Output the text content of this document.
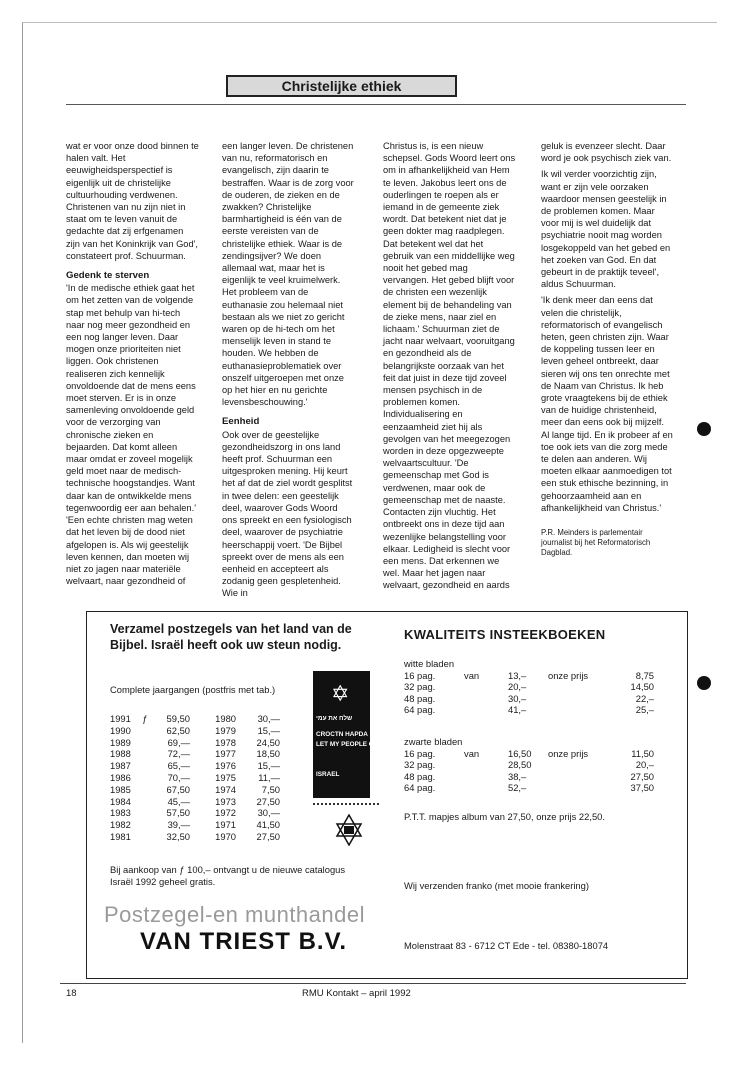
Christelijke ethiek

wat er voor onze dood binnen te halen valt. Het eeuwigheidsperspectief is eigenlijk uit de christelijke cultuurhouding verdwenen. Christenen van nu zijn niet in staat om te leven vanuit de gedachte dat zij erfgenamen zijn van het Koninkrijk van God', constateert prof. Schuurman.

Gedenk te sterven

'In de medische ethiek gaat het om het zetten van de volgende stap met behulp van hi-tech naar nog meer gezondheid en een nog langer leven. Daar mogen onze prioriteiten niet liggen. Ook christenen realiseren zich kennelijk onvoldoende dat de mens eens moet sterven. Er is in onze samenleving onvoldoende geld voor de verzorging van chronische zieken en bejaarden. Dat komt alleen maar omdat er zoveel mogelijk geld moet naar de medisch-technische hoogstandjes. Want daar kan de ontwikkelde mens tegenwoordig eer aan behalen.' 'Een echte christen mag weten dat het leven bij de dood niet afgelopen is. Als wij geestelijk leven kennen, dan moeten wij niet zo jagen naar materiële welvaart, naar gezondheid of

een langer leven. De christenen van nu, reformatorisch en evangelisch, zijn daarin te bestraffen. Waar is de zorg voor de ouderen, de zieken en de zwakken? Christelijke barmhartigheid is één van de eerste vereisten van de christelijke ethiek. Waar is de zendingsijver? We doen allemaal wat, maar het is eigenlijk te veel kruimelwerk. Het probleem van de euthanasie zou helemaal niet bestaan als we niet zo gericht waren op de hi-tech om het menselijk leven in stand te houden. We hebben de euthanasieproblematiek over onszelf uitgeroepen met onze op het hier en nu gerichte levensbeschouwing.'

Eenheid

Ook over de geestelijke gezondheidszorg in ons land heeft prof. Schuurman een uitgesproken mening. Hij keurt het af dat de ziel wordt gesplitst in twee delen: een geestelijk deel, waarover Gods Woord ons spreekt en een fysiologisch deel, waarover de psychiatrie heerschappij voert. 'De Bijbel spreekt over de mens als een eenheid en accepteert als zodanig geen gespletenheid. Wie in

Christus is, is een nieuw schepsel. Gods Woord leert ons om in afhankelijkheid van Hem te leven. Jakobus leert ons de ouderlingen te roepen als er iemand in de gemeente ziek wordt. Dat betekent niet dat je geen dokter mag raadplegen. Dat betekent wel dat het gebruik van een middellijke weg nooit het gebed mag vervangen. Het gebed blijft voor de christen een wezenlijk element bij de behandeling van de zieke mens, naar ziel en lichaam.' Schuurman ziet de jacht naar welvaart, vooruitgang en gezondheid als de belangrijkste oorzaak van het feit dat juist in deze tijd zoveel mensen psychisch in de problemen komen. Individualisering en eenzaamheid ziet hij als gevolgen van het meegezogen worden in deze opgezweepte welvaartscultuur. 'De gemeenschap met God is verdwenen, maar ook de gemeenschap met de naaste. Contacten zijn vluchtig. Het ontbreekt ons in deze tijd aan wezenlijke belangstelling voor elkaar. Ledigheid is slecht voor een mens. Dat erkennen we wel. Maar het jagen naar welvaart, gezondheid en aards

geluk is evenzeer slecht. Daar word je ook psychisch ziek van.

Ik wil verder voorzichtig zijn, want er zijn vele oorzaken waardoor mensen geestelijk in de problemen komen. Maar voor mij is wel duidelijk dat psychiatrie nooit mag worden losgekoppeld van het gebed en het zoeken van God. En dat gebeurt in de praktijk teveel', aldus Schuurman.

'Ik denk meer dan eens dat velen die christelijk, reformatorisch of evangelisch heten, geen christen zijn. Waar de koppeling tussen leer en leven geheel ontbreekt, daar sieren wij ons ten onrechte met de Naam van Christus. Ik heb grote vraagtekens bij de ethiek van de huidige christenheid, meer dan eens ook bij mijzelf. Al lange tijd. En ik probeer af en toe ook iets van die zorg mede te delen aan anderen. Wij moeten elkaar aanmoedigen tot een stuk ethische bezinning, in gehoorzaamheid aan en afhankelijkheid van Christus.'

P.R. Meinders is parlementair journalist bij het Reformatorisch Dagblad.

Verzamel postzegels van het land van de Bijbel. Israël heeft ook uw steun nodig.
Complete jaargangen (postfris met tab.)
1991	ƒ	59,50	1980	30,—
1990		62,50	1979	15,—
1989		69,—	1978	24,50
1988		72,—	1977	18,50
1987		65,—	1976	15,—
1986		70,—	1975	11,—
1985		67,50	1974	7,50
1984		45,—	1973	27,50
1983		57,50	1972	30,—
1982		39,—	1971	41,50
1981		32,50	1970	27,50
Bij aankoop van ƒ 100,– ontvangt u de nieuwe catalogus Israël 1992 geheel gratis.
✡
שלח את עמי
CROCTN HAPDA
LET MY PEOPLE GO
ISRAEL
Postzegel-en munthandel
VAN TRIEST B.V.
KWALITEITS INSTEEKBOEKEN
witte bladen
16 pag.	van	13,–	onze prijs	8,75
32 pag.		20,–		14,50
48 pag.		30,–		22,–
64 pag.		41,–		25,–
zwarte bladen
16 pag.	van	16,50	onze prijs	11,50
32 pag.		28,50		20,–
48 pag.		38,–		27,50
64 pag.		52,–		37,50
P.T.T. mapjes album van 27,50, onze prijs 22,50.
Wij verzenden franko (met mooie frankering)
Molenstraat 83 - 6712 CT Ede - tel. 08380-18074
18	RMU Kontakt – april 1992
